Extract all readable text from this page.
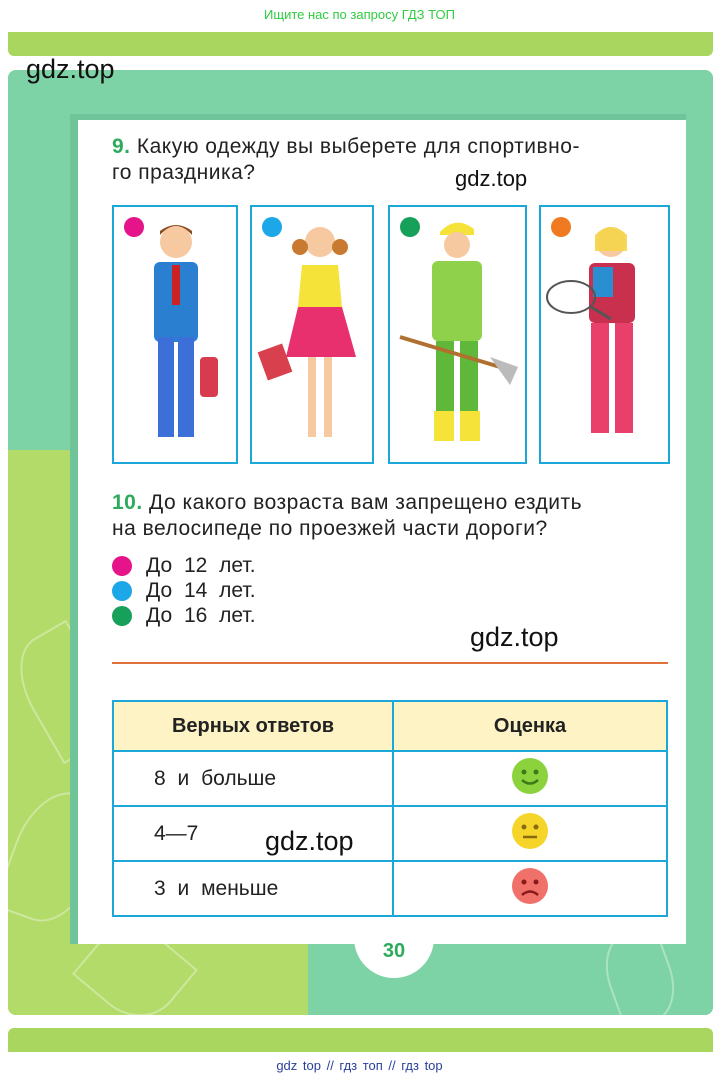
Ищите нас по запросу ГДЗ ТОП
gdz.top
9. Какую одежду вы выберете для спортивно-
го праздника?	gdz.top
10. До какого возраста вам запрещено ездить
на велосипеде по проезжей части дороги?
До 12 лет.
До 14 лет.
До 16 лет.
gdz.top
Верных ответов	Оценка
8 и больше	
4—7	
3 и меньше	
gdz.top
30
gdz top // гдз топ // гдз top
